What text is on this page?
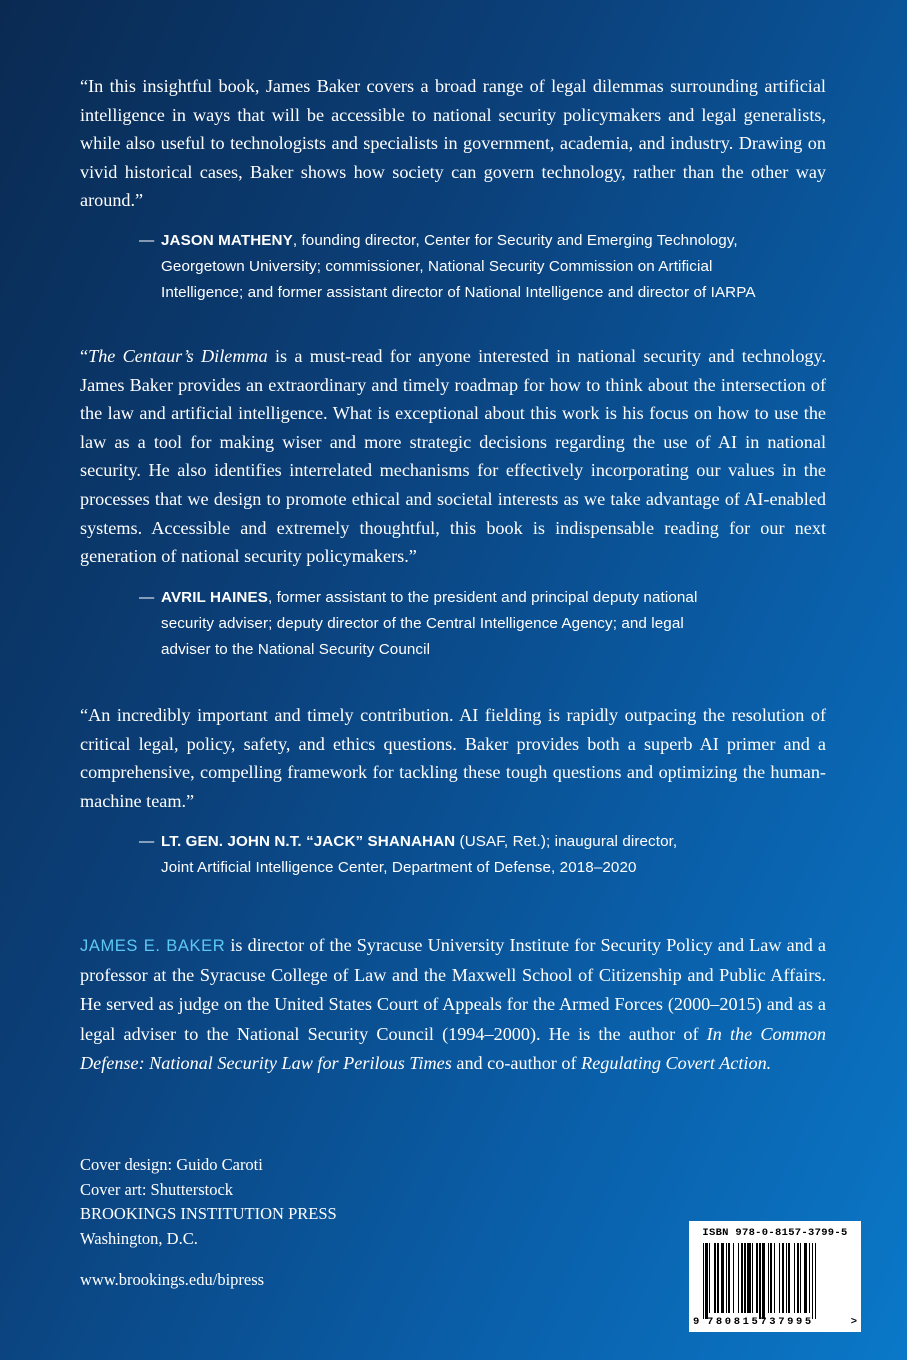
“In this insightful book, James Baker covers a broad range of legal dilemmas surrounding artificial intelligence in ways that will be accessible to national security policymakers and legal generalists, while also useful to technologists and specialists in government, academia, and industry. Drawing on vivid historical cases, Baker shows how society can govern technology, rather than the other way around.”

— JASON MATHENY, founding director, Center for Security and Emerging Technology,
Georgetown University; commissioner, National Security Commission on Artificial
Intelligence; and former assistant director of National Intelligence and director of IARPA

“The Centaur’s Dilemma is a must-read for anyone interested in national security and technology. James Baker provides an extraordinary and timely roadmap for how to think about the intersection of the law and artificial intelligence. What is exceptional about this work is his focus on how to use the law as a tool for making wiser and more strategic decisions regarding the use of AI in national security. He also identifies interrelated mechanisms for effectively incorporating our values in the processes that we design to promote ethical and societal interests as we take advantage of AI-enabled systems. Accessible and extremely thoughtful, this book is indispensable reading for our next generation of national security policymakers.”

— AVRIL HAINES, former assistant to the president and principal deputy national
security adviser; deputy director of the Central Intelligence Agency; and legal
adviser to the National Security Council

“An incredibly important and timely contribution. AI fielding is rapidly outpacing the resolution of critical legal, policy, safety, and ethics questions. Baker provides both a superb AI primer and a comprehensive, compelling framework for tackling these tough questions and optimizing the human-machine team.”

— LT. GEN. JOHN N.T. “JACK” SHANAHAN (USAF, Ret.); inaugural director,
Joint Artificial Intelligence Center, Department of Defense, 2018–2020
JAMES E. BAKER is director of the Syracuse University Institute for Security Policy and Law and a professor at the Syracuse College of Law and the Maxwell School of Citizenship and Public Affairs. He served as judge on the United States Court of Appeals for the Armed Forces (2000–2015) and as a legal adviser to the National Security Council (1994–2000). He is the author of In the Common Defense: National Security Law for Perilous Times and co-author of Regulating Covert Action.
Cover design: Guido Caroti
Cover art: Shutterstock
BROOKINGS INSTITUTION PRESS
Washington, D.C.
www.brookings.edu/bipress
ISBN 978-0-8157-3799-5
9 780815737995	>
